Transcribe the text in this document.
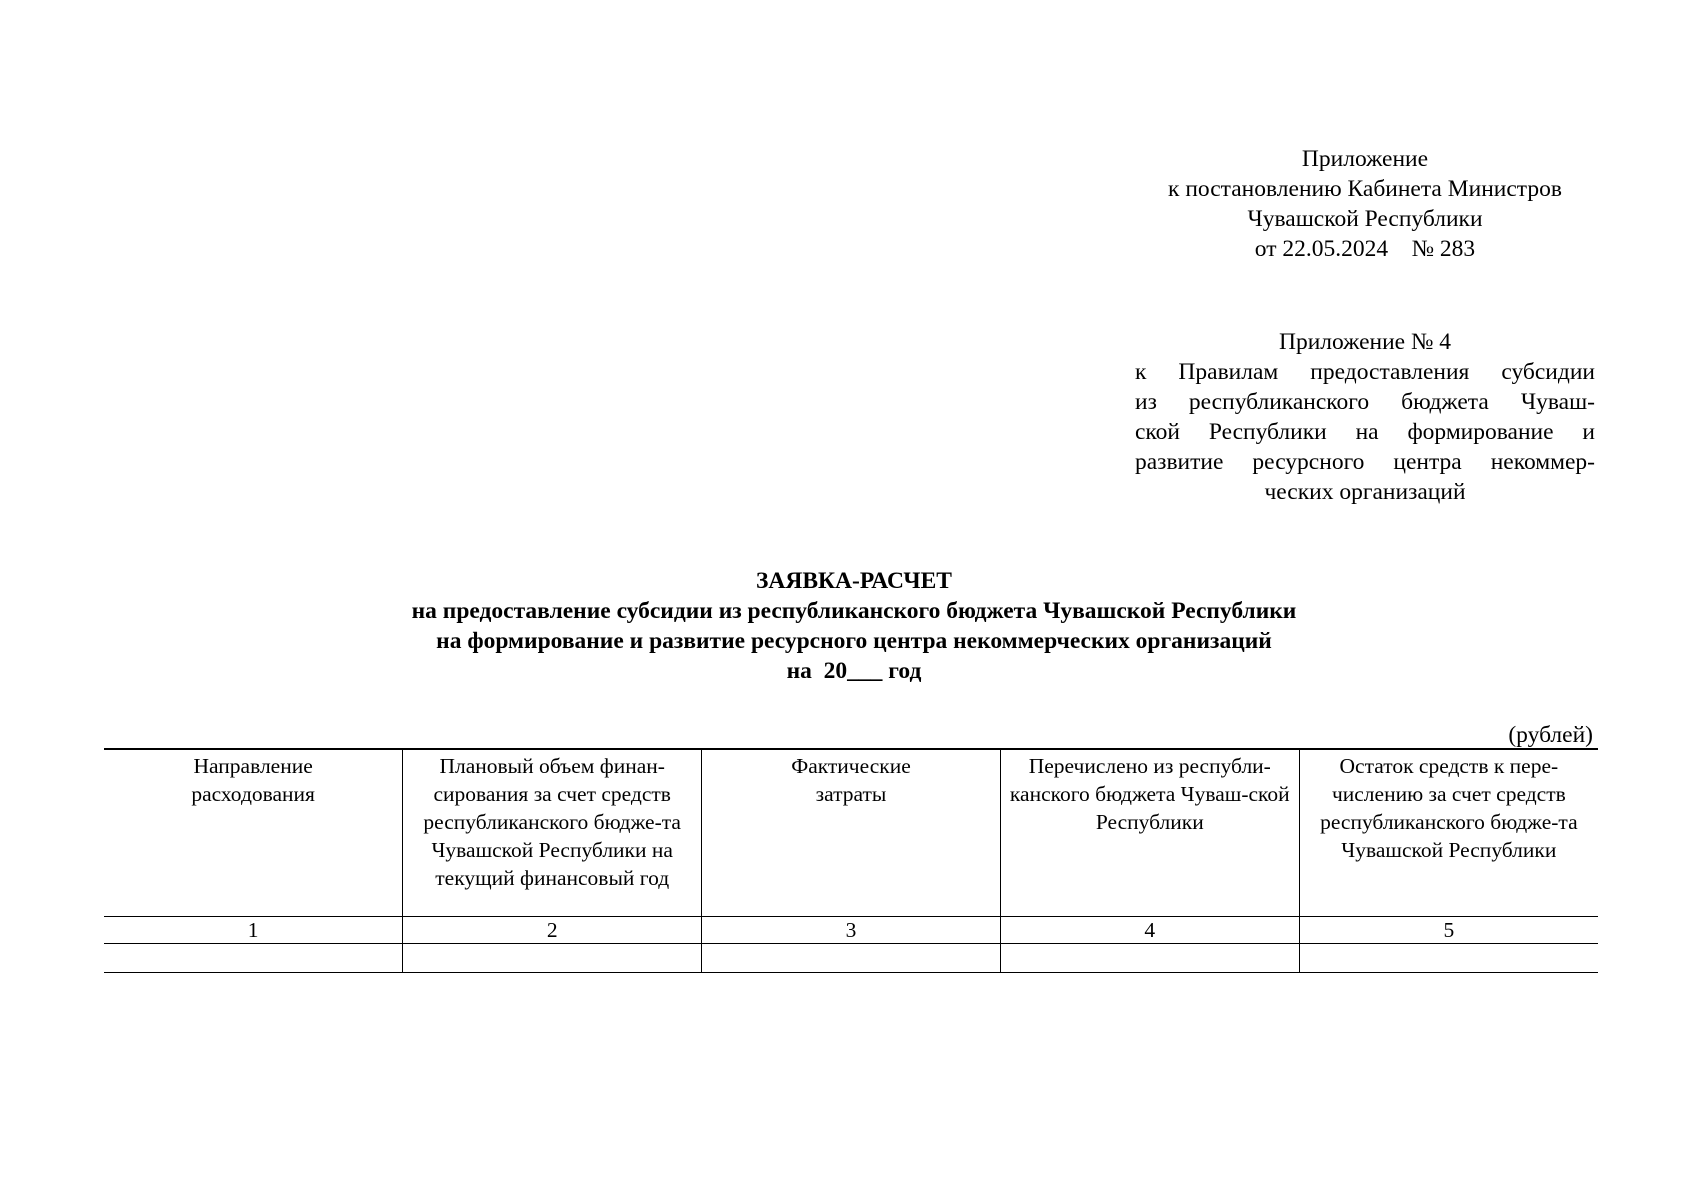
Приложение
к постановлению Кабинета Министров
Чувашской Республики
от 22.05.2024    № 283
Приложение № 4
к Правилам предоставления субсидии
из республиканского бюджета Чуваш-
ской Республики на формирование и
развитие ресурсного центра некоммер-
ческих организаций
ЗАЯВКА-РАСЧЕТ
на предоставление субсидии из республиканского бюджета Чувашской Республики
на формирование и развитие ресурсного центра некоммерческих организаций
на  20___ год
(рублей)
Направление расходования	Плановый объем финан-сирования за счет средств республиканского бюдже-та Чувашской Республики на текущий финансовый год	Фактические затраты	Перечислено из республи-канского бюджета Чуваш-ской Республики	Остаток средств к пере-числению за счет средств республиканского бюдже-та Чувашской Республики
1	2	3	4	5
